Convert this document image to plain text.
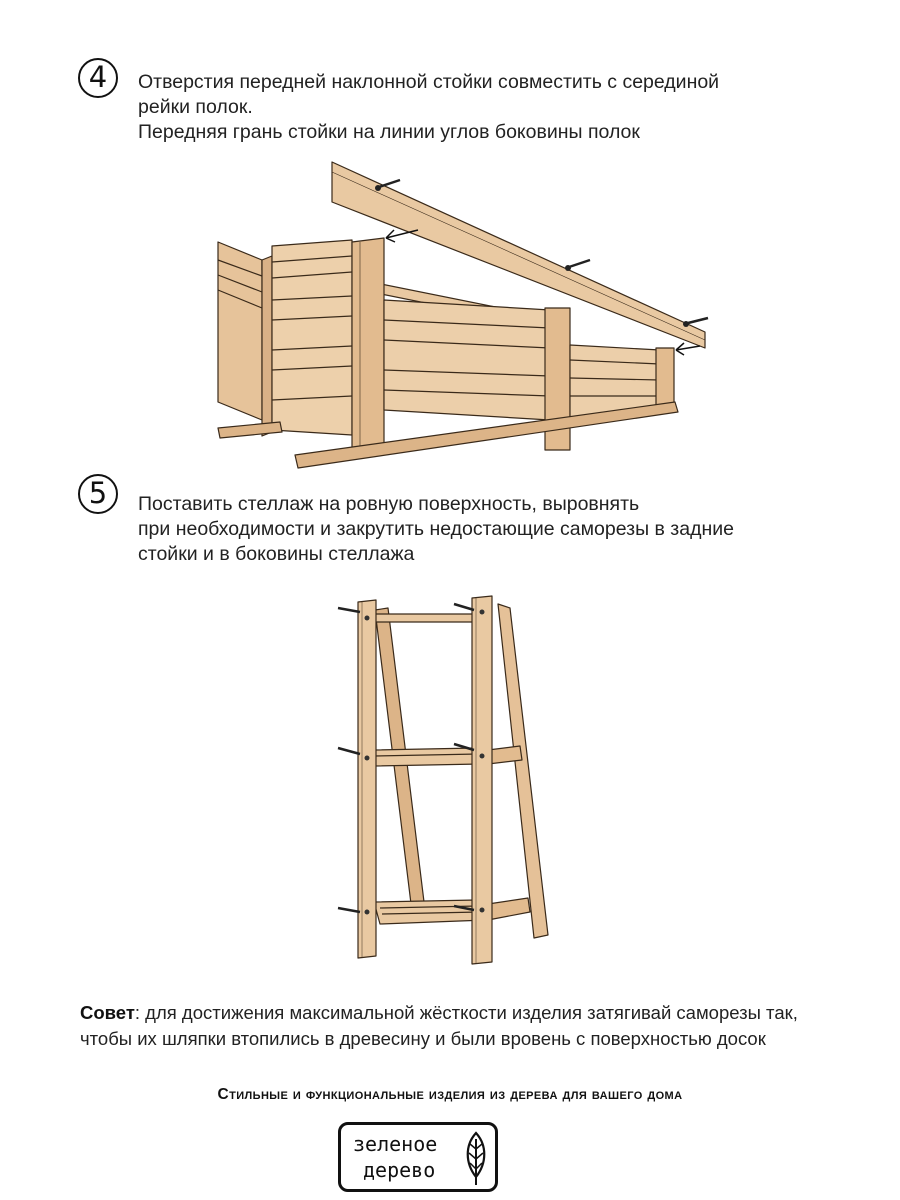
4	Отверстия передней наклонной стойки совместить с серединой
рейки полок.
Передняя грань стойки на линии углов боковины полок
5	Поставить стеллаж на ровную поверхность, выровнять
при необходимости и закрутить недостающие саморезы в задние
стойки и в боковины стеллажа
Совет: для достижения максимальной жёсткости изделия затягивай саморезы так,
чтобы их шляпки втопились в древесину и были вровень с поверхностью досок
Стильные и функциональные изделия из дерева для вашего дома
зеленое
дерево
